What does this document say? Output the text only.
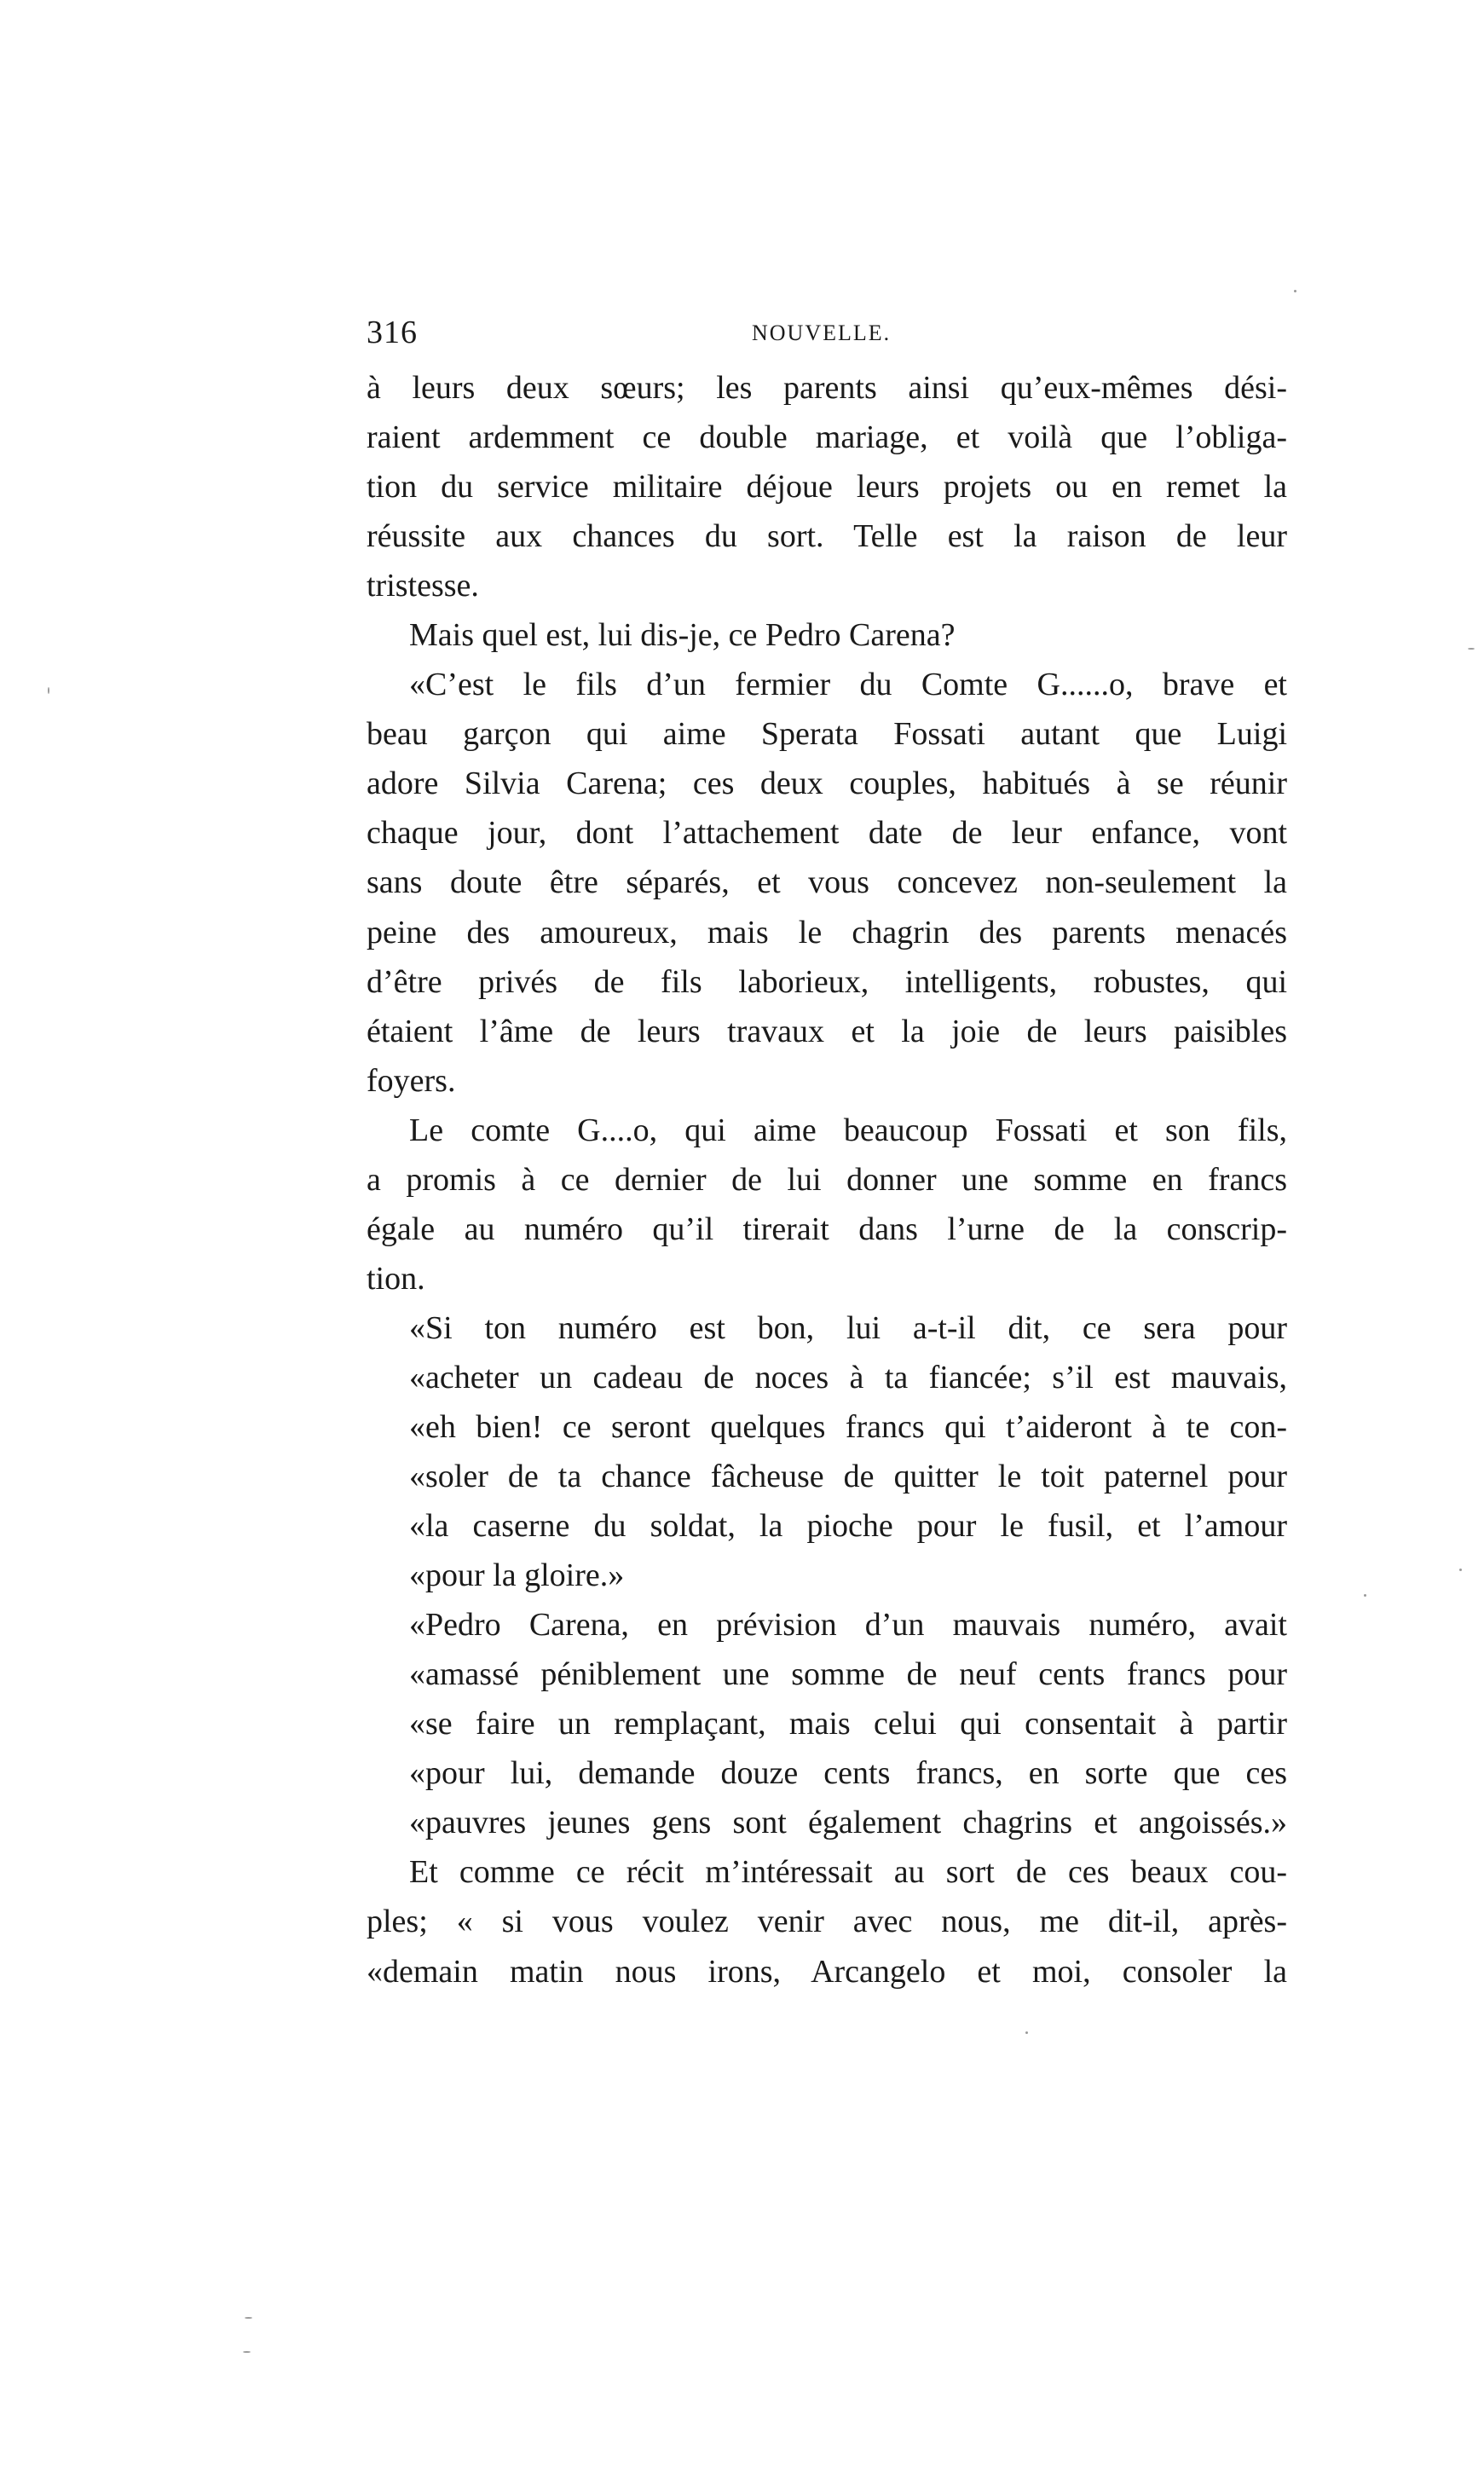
316	NOUVELLE.
à leurs deux sœurs; les parents ainsi qu’eux-mêmes dési-
raient ardemment ce double mariage, et voilà que l’obliga-
tion du service militaire déjoue leurs projets ou en remet la
réussite aux chances du sort. Telle est la raison de leur
tristesse.
Mais quel est, lui dis-je, ce Pedro Carena?
«C’est le fils d’un fermier du Comte G......o, brave et
beau garçon qui aime Sperata Fossati autant que Luigi
adore Silvia Carena; ces deux couples, habitués à se réunir
chaque jour, dont l’attachement date de leur enfance, vont
sans doute être séparés, et vous concevez non-seulement la
peine des amoureux, mais le chagrin des parents menacés
d’être privés de fils laborieux, intelligents, robustes, qui
étaient l’âme de leurs travaux et la joie de leurs paisibles
foyers.
Le comte G....o, qui aime beaucoup Fossati et son fils,
a promis à ce dernier de lui donner une somme en francs
égale au numéro qu’il tirerait dans l’urne de la conscrip-
tion.
«Si ton numéro est bon, lui a-t-il dit, ce sera pour
«acheter un cadeau de noces à ta fiancée; s’il est mauvais,
«eh bien! ce seront quelques francs qui t’aideront à te con-
«soler de ta chance fâcheuse de quitter le toit paternel pour
«la caserne du soldat, la pioche pour le fusil, et l’amour
«pour la gloire.»
«Pedro Carena, en prévision d’un mauvais numéro, avait
«amassé péniblement une somme de neuf cents francs pour
«se faire un remplaçant, mais celui qui consentait à partir
«pour lui, demande douze cents francs, en sorte que ces
«pauvres jeunes gens sont également chagrins et angoissés.»
Et comme ce récit m’intéressait au sort de ces beaux cou-
ples; « si vous voulez venir avec nous, me dit-il, après-
«demain matin nous irons, Arcangelo et moi, consoler la
